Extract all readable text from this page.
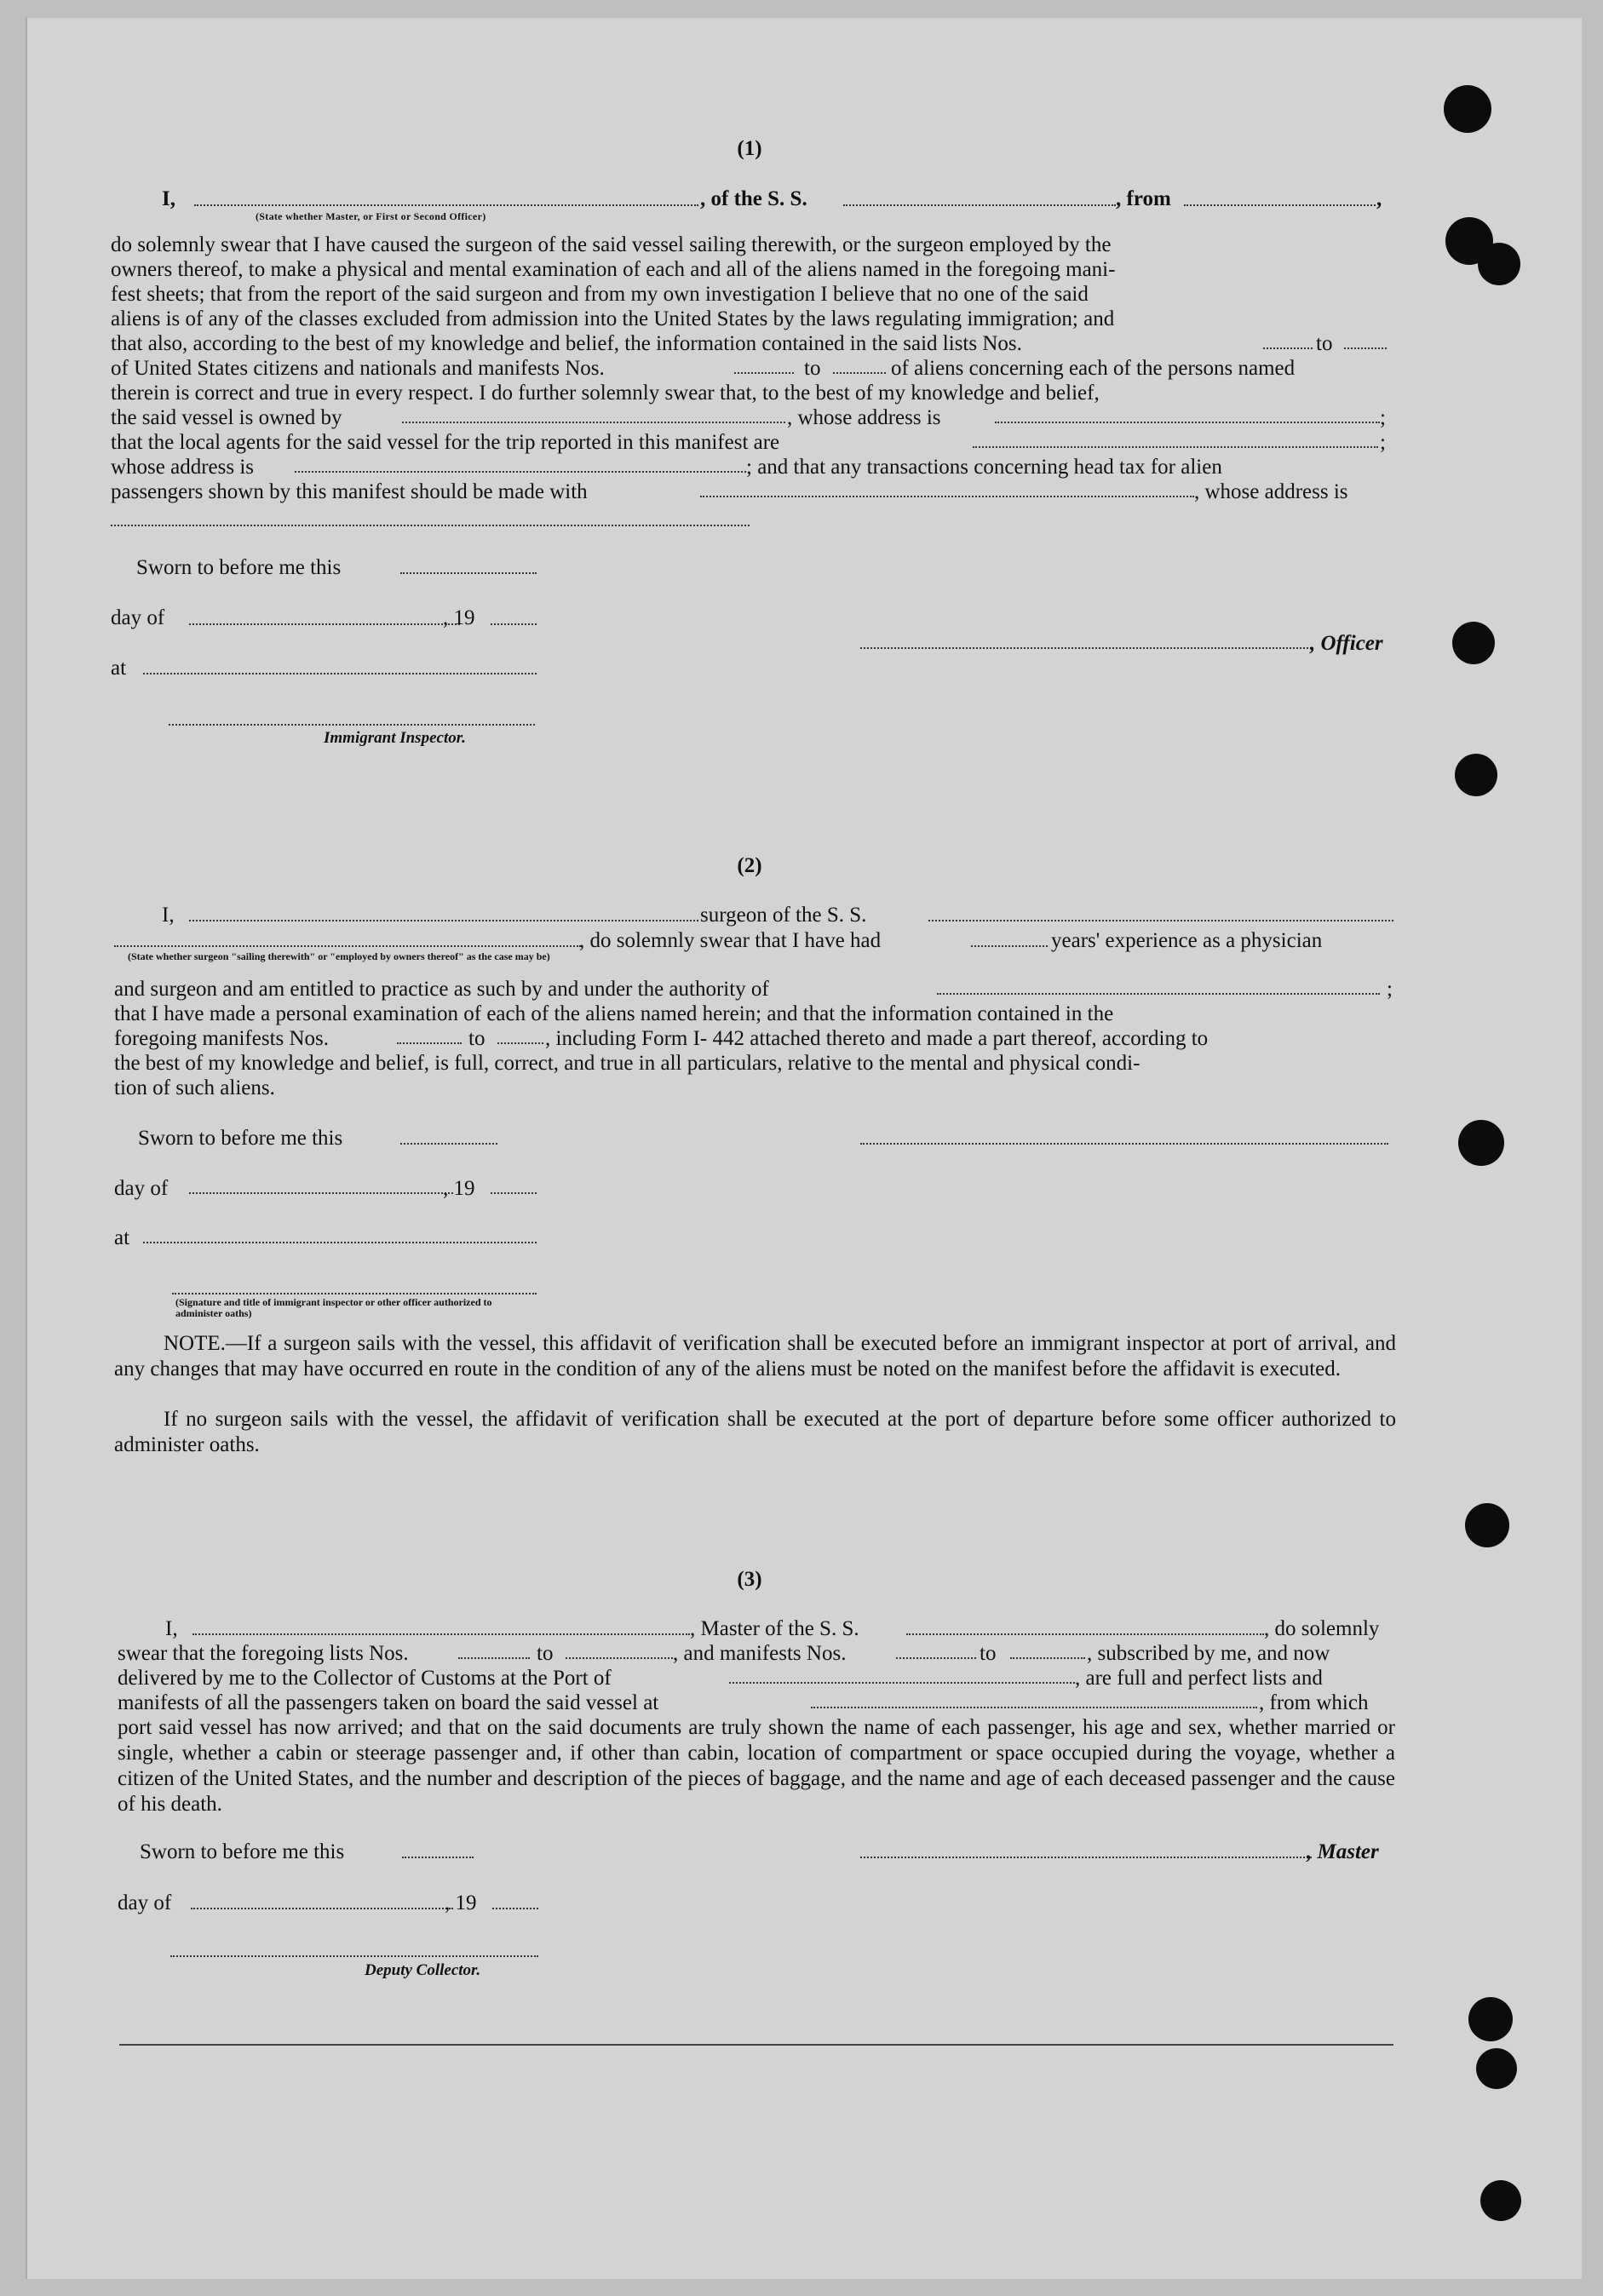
(1)
I,	, of the S. S.	, from	,
(State whether Master, or First or Second Officer)
do solemnly swear that I have caused the surgeon of the said vessel sailing therewith, or the surgeon employed by the
owners thereof, to make a physical and mental examination of each and all of the aliens named in the foregoing mani-
fest sheets; that from the report of the said surgeon and from my own investigation I believe that no one of the said
aliens is of any of the classes excluded from admission into the United States by the laws regulating immigration; and
that also, according to the best of my knowledge and belief, the information contained in the said lists Nos.	to
of United States citizens and nationals and manifests Nos.	to	of aliens concerning each of the persons named
therein is correct and true in every respect. I do further solemnly swear that, to the best of my knowledge and belief,
the said vessel is owned by	, whose address is	;
that the local agents for the said vessel for the trip reported in this manifest are	;
whose address is	; and that any transactions concerning head tax for alien
passengers shown by this manifest should be made with	, whose address is
Sworn to before me this
day of	, 19
at
, Officer
Immigrant Inspector.
(2)
I,	surgeon of the S. S.
, do solemnly swear that I have had	years' experience as a physician
(State whether surgeon "sailing therewith" or "employed by owners thereof" as the case may be)
and surgeon and am entitled to practice as such by and under the authority of	;
that I have made a personal examination of each of the aliens named herein; and that the information contained in the
foregoing manifests Nos.	to	, including Form I- 442 attached thereto and made a part thereof, according to
the best of my knowledge and belief, is full, correct, and true in all particulars, relative to the mental and physical condi-
tion of such aliens.
Sworn to before me this
day of	, 19
at
(Signature and title of immigrant inspector or other officer authorized to administer oaths)
NOTE.—If a surgeon sails with the vessel, this affidavit of verification shall be executed before an immigrant inspector at port of arrival, and any changes that may have occurred en route in the condition of any of the aliens must be noted on the manifest before the affidavit is executed.
If no surgeon sails with the vessel, the affidavit of verification shall be executed at the port of departure before some officer authorized to administer oaths.
(3)
I,	, Master of the S. S.	, do solemnly
swear that the foregoing lists Nos.	to	, and manifests Nos.	to	, subscribed by me, and now
delivered by me to the Collector of Customs at the Port of	, are full and perfect lists and
manifests of all the passengers taken on board the said vessel at	, from which
port said vessel has now arrived; and that on the said documents are truly shown the name of each passenger, his age and sex, whether married or single, whether a cabin or steerage passenger and, if other than cabin, location of compartment or space occupied during the voyage, whether a citizen of the United States, and the number and description of the pieces of baggage, and the name and age of each deceased passenger and the cause of his death.
Sworn to before me this	, Master
day of	, 19
Deputy Collector.
